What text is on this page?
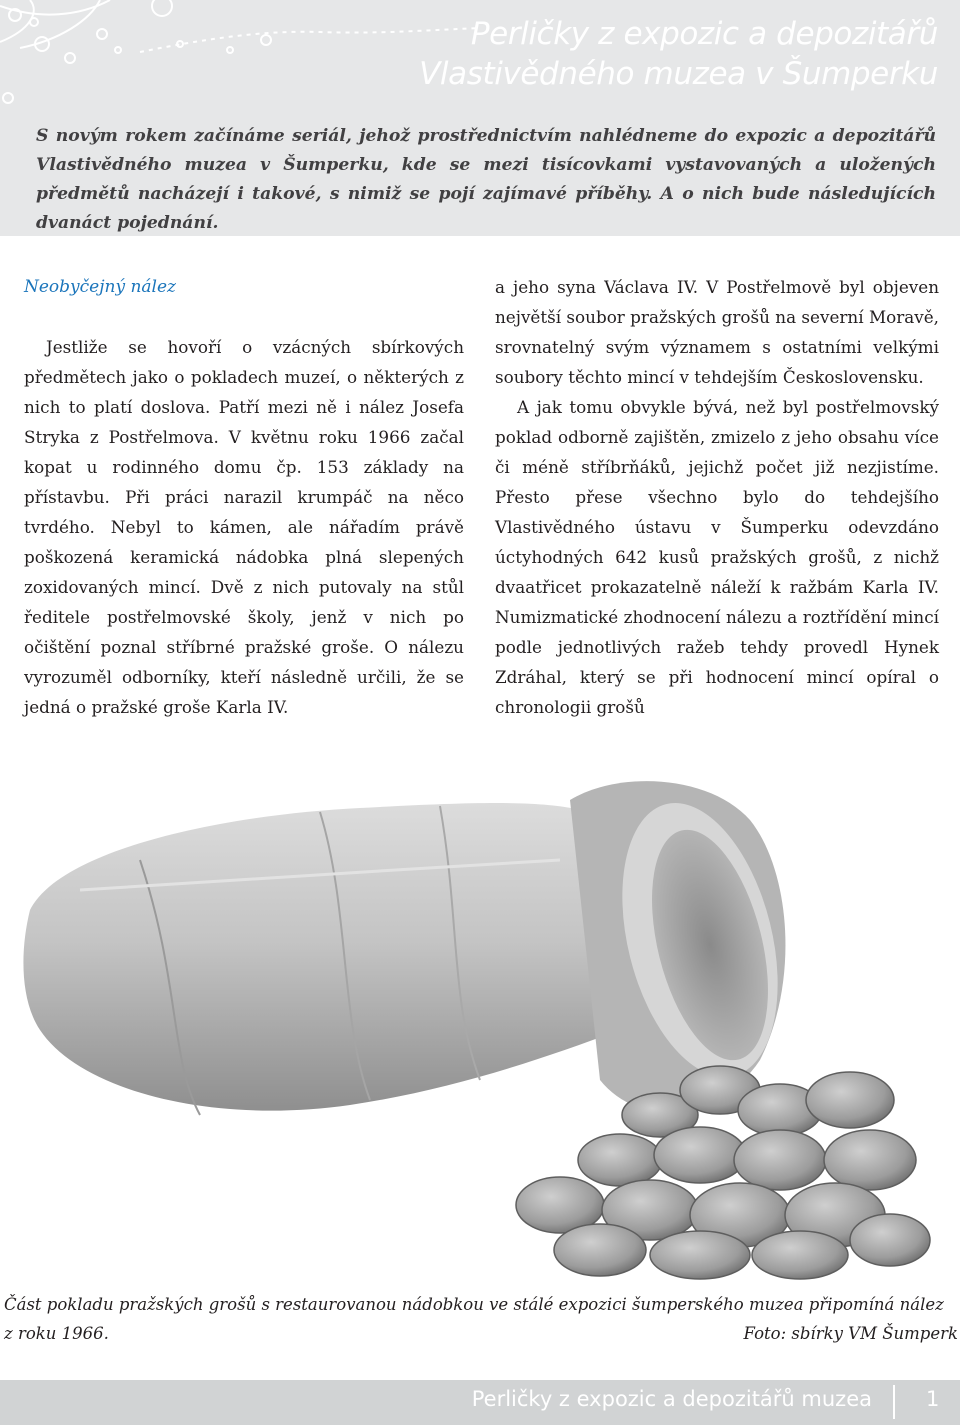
Perličky z expozic a depozitářů
Vlastivědného muzea v Šumperku
S novým rokem začínáme seriál, jehož prostřednictvím nahlédneme do expozic a depozitářů Vlastivědného muzea v Šumperku, kde se mezi tisícovkami vystavovaných a uložených předmětů nacházejí i takové, s nimiž se pojí zajímavé příběhy. A o nich bude následujících dvanáct pojednání.
Neobyčejný nález

Jestliže se hovoří o vzácných sbírkových předmětech jako o pokladech muzeí, o některých z nich to platí doslova. Patří mezi ně i nález Josefa Stryka z Postřelmova. V květnu roku 1966 začal kopat u rodinného domu čp. 153 základy na přístavbu. Při práci narazil krumpáč na něco tvrdého. Nebyl to kámen, ale nářadím právě poškozená keramická nádobka plná slepených zoxidovaných mincí. Dvě z nich putovaly na stůl ředitele postřelmovské školy, jenž v nich po očištění poznal stříbrné pražské groše. O nálezu vyrozuměl odborníky, kteří následně určili, že se jedná o pražské groše Karla IV.

a jeho syna Václava IV. V Postřelmově byl objeven největší soubor pražských grošů na severní Moravě, srovnatelný svým významem s ostatními velkými soubory těchto mincí v tehdejším Československu.

A jak tomu obvykle bývá, než byl postřelmovský poklad odborně zajištěn, zmizelo z jeho obsahu více či méně stříbrňáků, jejichž počet již nezjistíme. Přesto přese všechno bylo do tehdejšího Vlastivědného ústavu v Šumperku odevzdáno úctyhodných 642 kusů pražských grošů, z nichž dvaatřicet prokazatelně náleží k ražbám Karla IV. Numizmatické zhodnocení nálezu a roztřídění mincí podle jednotlivých ražeb tehdy provedl Hynek Zdráhal, který se při hodnocení mincí opíral o chronologii grošů

Část pokladu pražských grošů s restaurovanou nádobkou ve stálé expozici šumperského muzea připomíná nález
z roku 1966.	Foto: sbírky VM Šumperk
Perličky z expozic a depozitářů muzea	1
